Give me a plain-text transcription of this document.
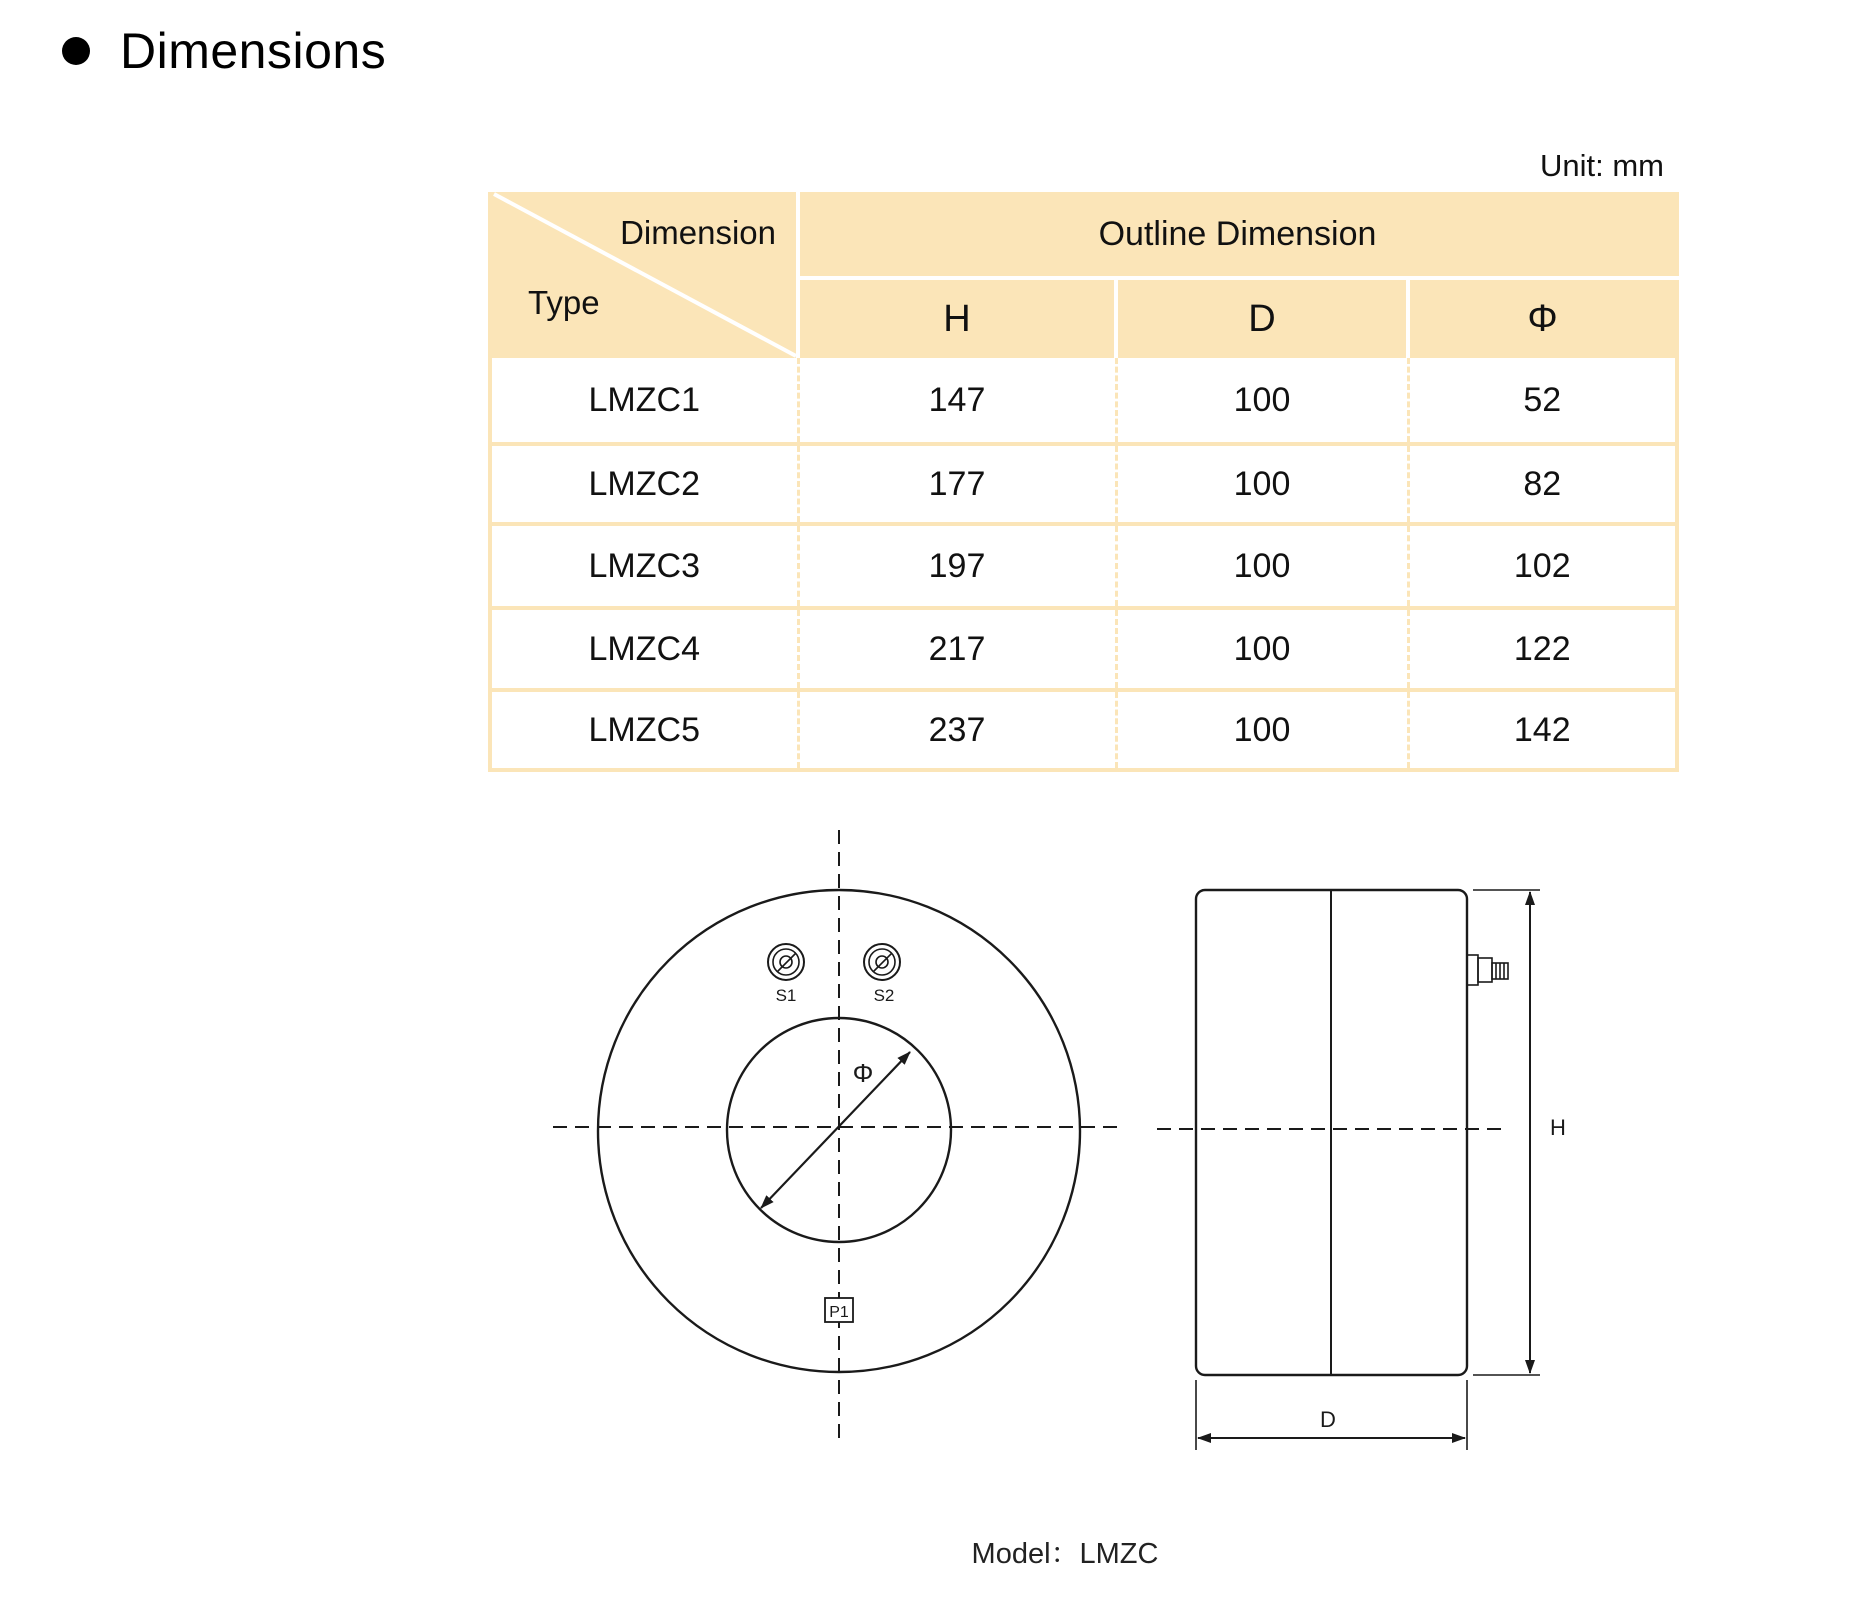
Dimensions
Unit: mm
Dimension
Type	Outline Dimension		
	H	D	Φ
LMZC1	147	100	52
LMZC2	177	100	82
LMZC3	197	100	102
LMZC4	217	100	122
LMZC5	237	100	142
S1	S2
P1
Φ
H
D
Model：LMZC
